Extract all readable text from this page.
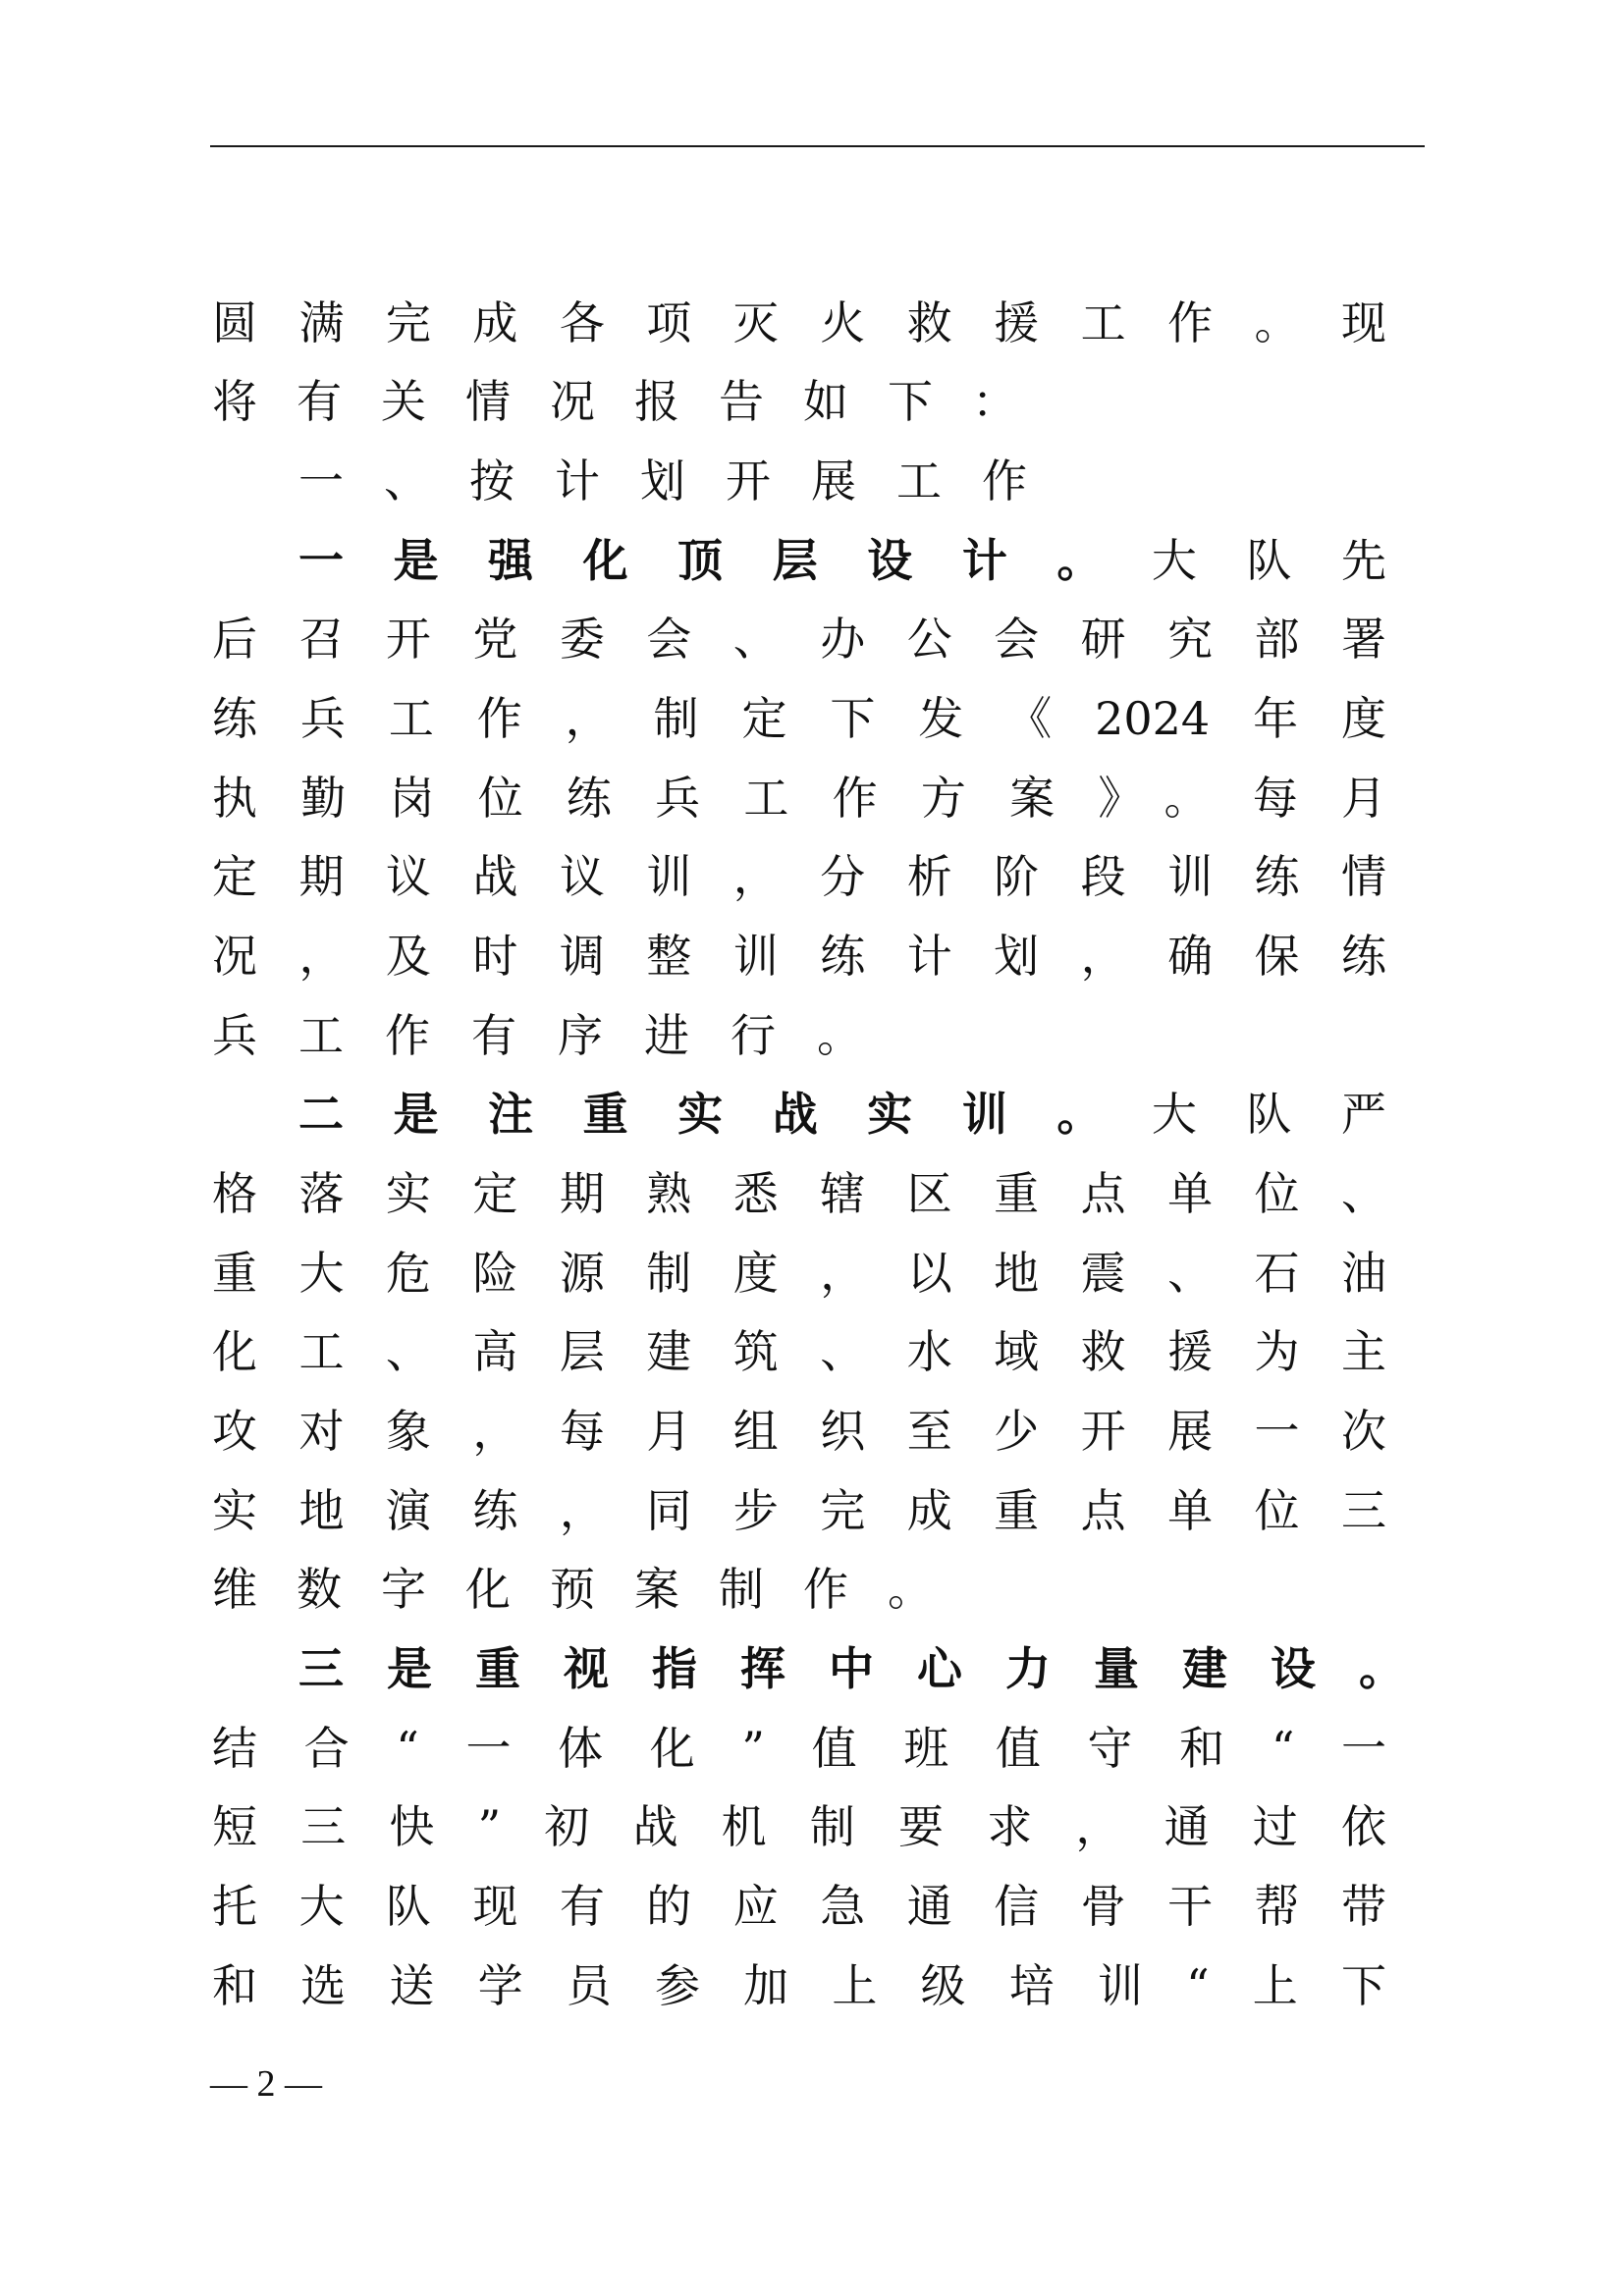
圆满完成各项灭火救援工作。现
将有关情况报告如下：
一、按计划开展工作
一是强化顶层设计。大队先
后召开党委会、办公会研究部署
练兵工作，制定下发《2024年度
执勤岗位练兵工作方案》。每月
定期议战议训，分析阶段训练情
况，及时调整训练计划，确保练
兵工作有序进行。
二是注重实战实训。大队严
格落实定期熟悉辖区重点单位、
重大危险源制度，以地震、石油
化工、高层建筑、水域救援为主
攻对象，每月组织至少开展一次
实地演练，同步完成重点单位三
维数字化预案制作。
三是重视指挥中心力量建设。
结合“一体化”值班值守和“一
短三快”初战机制要求，通过依
托大队现有的应急通信骨干帮带
和选送学员参加上级培训“上下
— 2 —
